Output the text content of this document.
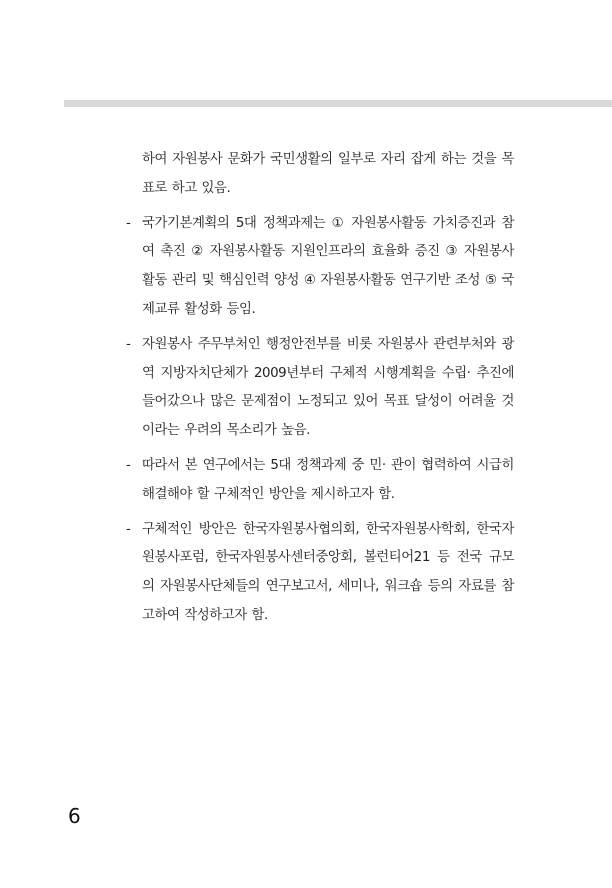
하여 자원봉사 문화가 국민생활의 일부로 자리 잡게 하는 것을 목표로 하고 있음.
- 국가기본계획의 5대 정책과제는 ① 자원봉사활동 가치증진과 참여 촉진 ② 자원봉사활동 지원인프라의 효율화 증진 ③ 자원봉사활동 관리 및 핵심인력 양성 ④ 자원봉사활동 연구기반 조성 ⑤ 국제교류 활성화 등임.
- 자원봉사 주무부처인 행정안전부를 비롯 자원봉사 관련부처와 광역 지방자치단체가 2009년부터 구체적 시행계획을 수립· 추진에 들어갔으나 많은 문제점이 노정되고 있어 목표 달성이 어려울 것이라는 우려의 목소리가 높음.
- 따라서 본 연구에서는 5대 정책과제 중 민· 관이 협력하여 시급히 해결해야 할 구체적인 방안을 제시하고자 함.
- 구체적인 방안은 한국자원봉사협의회, 한국자원봉사학회, 한국자원봉사포럼, 한국자원봉사센터중앙회, 볼런티어21 등 전국 규모의 자원봉사단체들의 연구보고서, 세미나, 워크숍 등의 자료를 참고하여 작성하고자 함.
6
